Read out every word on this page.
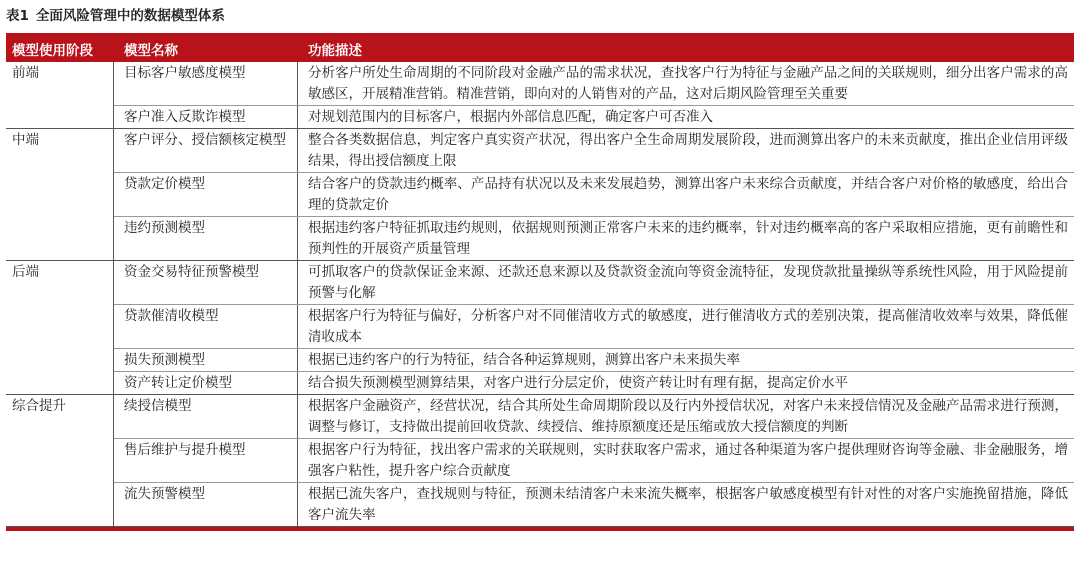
表1 全面风险管理中的数据模型体系
模型使用阶段	模型名称	功能描述
前端	目标客户敏感度模型	分析客户所处生命周期的不同阶段对金融产品的需求状况，查找客户行为特征与金融产品之间的关联规则，细分出客户需求的高敏感区，开展精准营销。精准营销，即向对的人销售对的产品，这对后期风险管理至关重要
客户准入反欺诈模型	对规划范围内的目标客户，根据内外部信息匹配，确定客户可否准入
中端	客户评分、授信额核定模型	整合各类数据信息，判定客户真实资产状况，得出客户全生命周期发展阶段，进而测算出客户的未来贡献度，推出企业信用评级结果，得出授信额度上限
贷款定价模型	结合客户的贷款违约概率、产品持有状况以及未来发展趋势，测算出客户未来综合贡献度，并结合客户对价格的敏感度，给出合理的贷款定价
违约预测模型	根据违约客户特征抓取违约规则，依据规则预测正常客户未来的违约概率，针对违约概率高的客户采取相应措施，更有前瞻性和预判性的开展资产质量管理
后端	资金交易特征预警模型	可抓取客户的贷款保证金来源、还款还息来源以及贷款资金流向等资金流特征，发现贷款批量操纵等系统性风险，用于风险提前预警与化解
贷款催清收模型	根据客户行为特征与偏好，分析客户对不同催清收方式的敏感度，进行催清收方式的差别决策，提高催清收效率与效果，降低催清收成本
损失预测模型	根据已违约客户的行为特征，结合各种运算规则，测算出客户未来损失率
资产转让定价模型	结合损失预测模型测算结果，对客户进行分层定价，使资产转让时有理有据，提高定价水平
综合提升	续授信模型	根据客户金融资产，经营状况，结合其所处生命周期阶段以及行内外授信状况，对客户未来授信情况及金融产品需求进行预测，调整与修订，支持做出提前回收贷款、续授信、维持原额度还是压缩或放大授信额度的判断
售后维护与提升模型	根据客户行为特征，找出客户需求的关联规则，实时获取客户需求，通过各种渠道为客户提供理财咨询等金融、非金融服务，增强客户粘性，提升客户综合贡献度
流失预警模型	根据已流失客户，查找规则与特征，预测未结清客户未来流失概率，根据客户敏感度模型有针对性的对客户实施挽留措施，降低客户流失率
